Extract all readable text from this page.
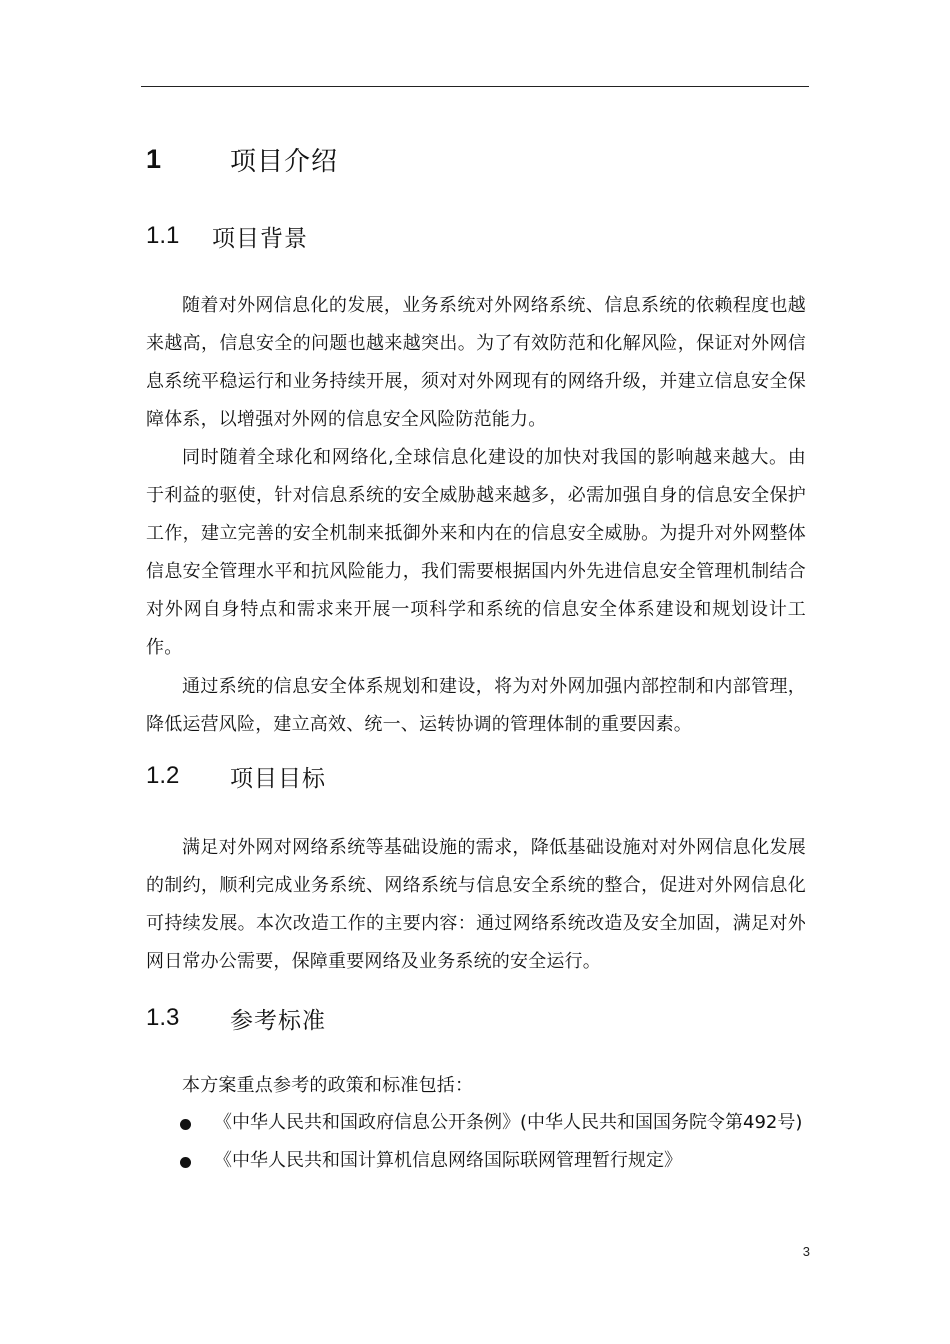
1	项目介绍
1.1	项目背景

随着对外网信息化的发展，业务系统对外网络系统、信息系统的依赖程度也越来越高，信息安全的问题也越来越突出。为了有效防范和化解风险，保证对外网信息系统平稳运行和业务持续开展，须对对外网现有的网络升级，并建立信息安全保障体系，以增强对外网的信息安全风险防范能力。

同时随着全球化和网络化,全球信息化建设的加快对我国的影响越来越大。由于利益的驱使，针对信息系统的安全威胁越来越多，必需加强自身的信息安全保护工作，建立完善的安全机制来抵御外来和内在的信息安全威胁。为提升对外网整体信息安全管理水平和抗风险能力，我们需要根据国内外先进信息安全管理机制结合对外网自身特点和需求来开展一项科学和系统的信息安全体系建设和规划设计工作。

通过系统的信息安全体系规划和建设，将为对外网加强内部控制和内部管理，降低运营风险，建立高效、统一、运转协调的管理体制的重要因素。

1.2	项目目标

满足对外网对网络系统等基础设施的需求，降低基础设施对对外网信息化发展的制约，顺利完成业务系统、网络系统与信息安全系统的整合，促进对外网信息化可持续发展。本次改造工作的主要内容：通过网络系统改造及安全加固，满足对外网日常办公需要，保障重要网络及业务系统的安全运行。

1.3	参考标准

本方案重点参考的政策和标准包括：

《中华人民共和国政府信息公开条例》(中华人民共和国国务院令第492号)
《中华人民共和国计算机信息网络国际联网管理暂行规定》
3
